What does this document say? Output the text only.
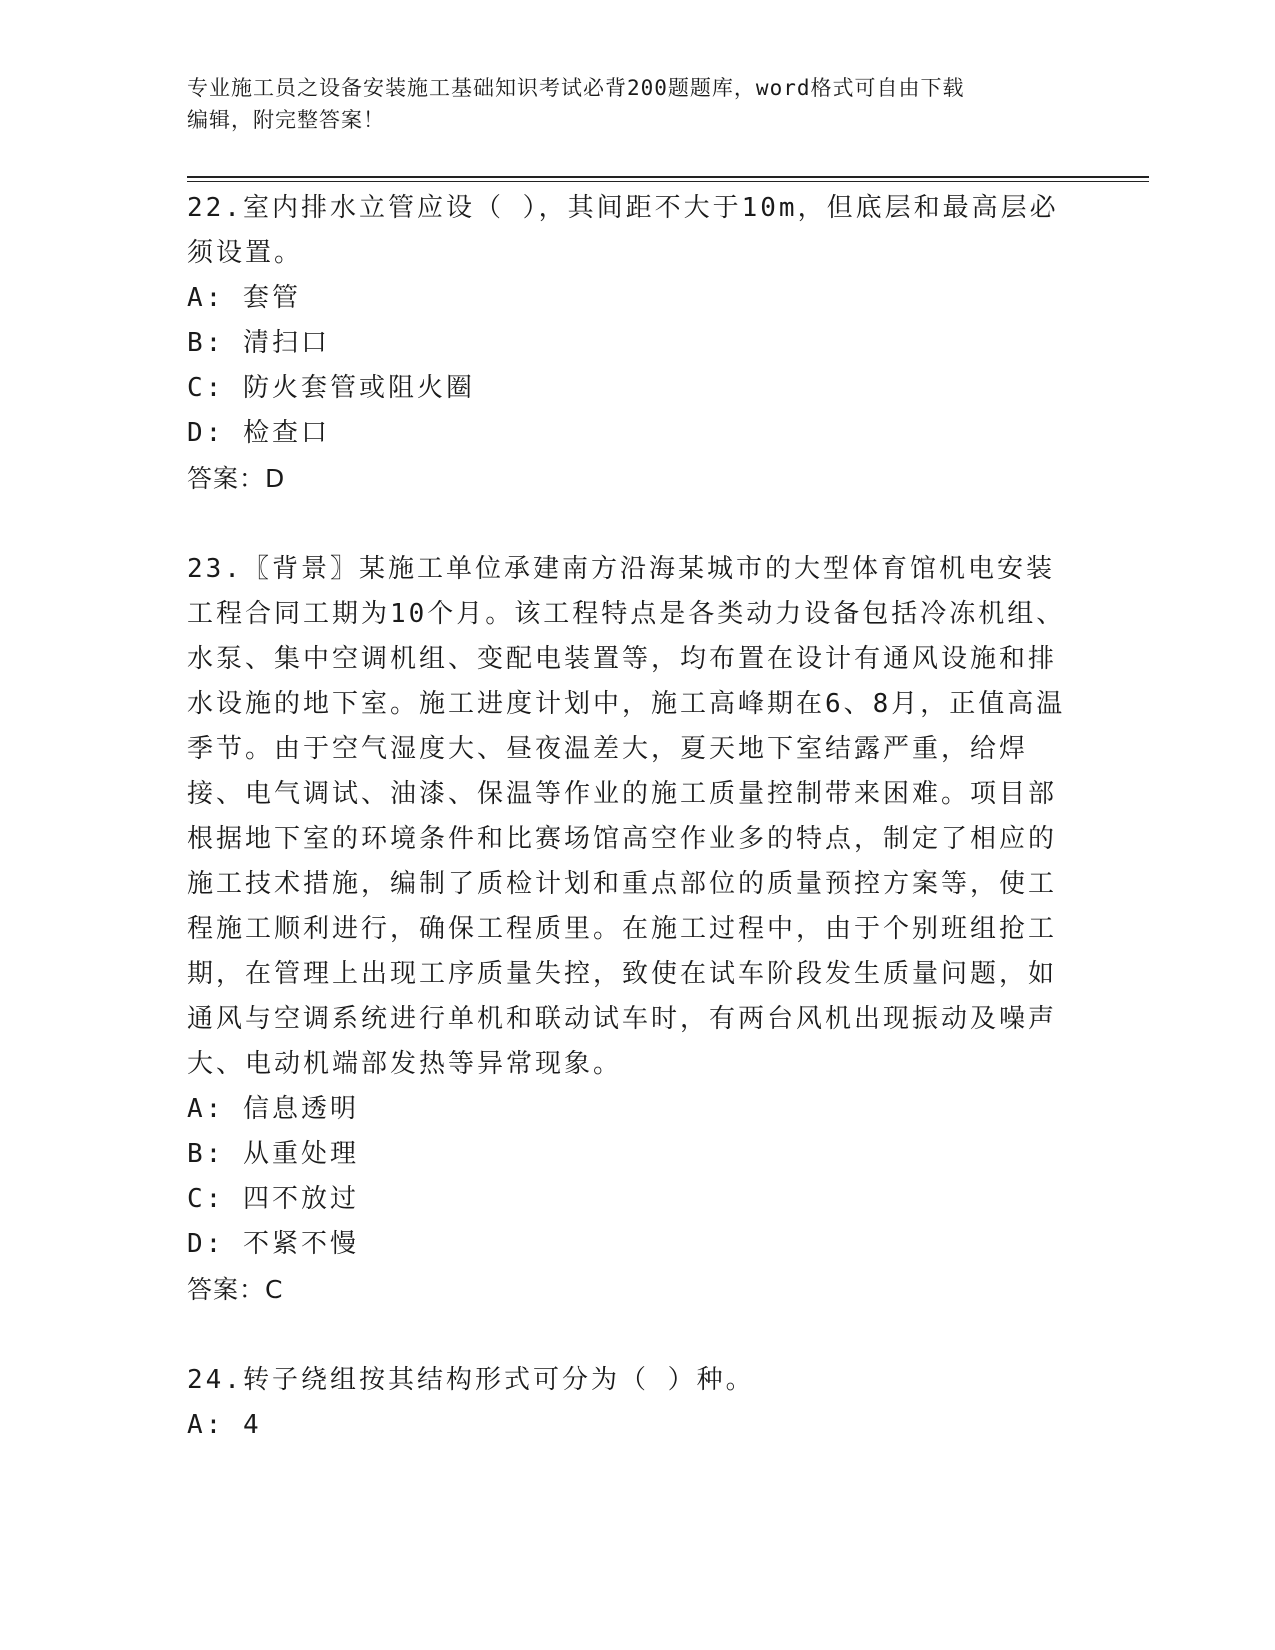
专业施工员之设备安装施工基础知识考试必背200题题库，word格式可自由下载
编辑，附完整答案！

22.室内排水立管应设（ ），其间距不大于10m，但底层和最高层必须设置。

A: 套管

B: 清扫口

C: 防火套管或阻火圈

D: 检查口

答案：D

23.〖背景〗某施工单位承建南方沿海某城市的大型体育馆机电安装工程合同工期为10个月。该工程特点是各类动力设备包括冷冻机组、水泵、集中空调机组、变配电装置等，均布置在设计有通风设施和排水设施的地下室。施工进度计划中，施工高峰期在6、8月，正值高温季节。由于空气湿度大、昼夜温差大，夏天地下室结露严重，给焊接、电气调试、油漆、保温等作业的施工质量控制带来困难。项目部根据地下室的环境条件和比赛场馆高空作业多的特点，制定了相应的施工技术措施，编制了质检计划和重点部位的质量预控方案等，使工程施工顺利进行，确保工程质里。在施工过程中，由于个别班组抢工期，在管理上出现工序质量失控，致使在试车阶段发生质量问题，如通风与空调系统进行单机和联动试车时，有两台风机出现振动及噪声大、电动机端部发热等异常现象。

A: 信息透明

B: 从重处理

C: 四不放过

D: 不紧不慢

答案：C

24.转子绕组按其结构形式可分为（ ）种。

A: 4
